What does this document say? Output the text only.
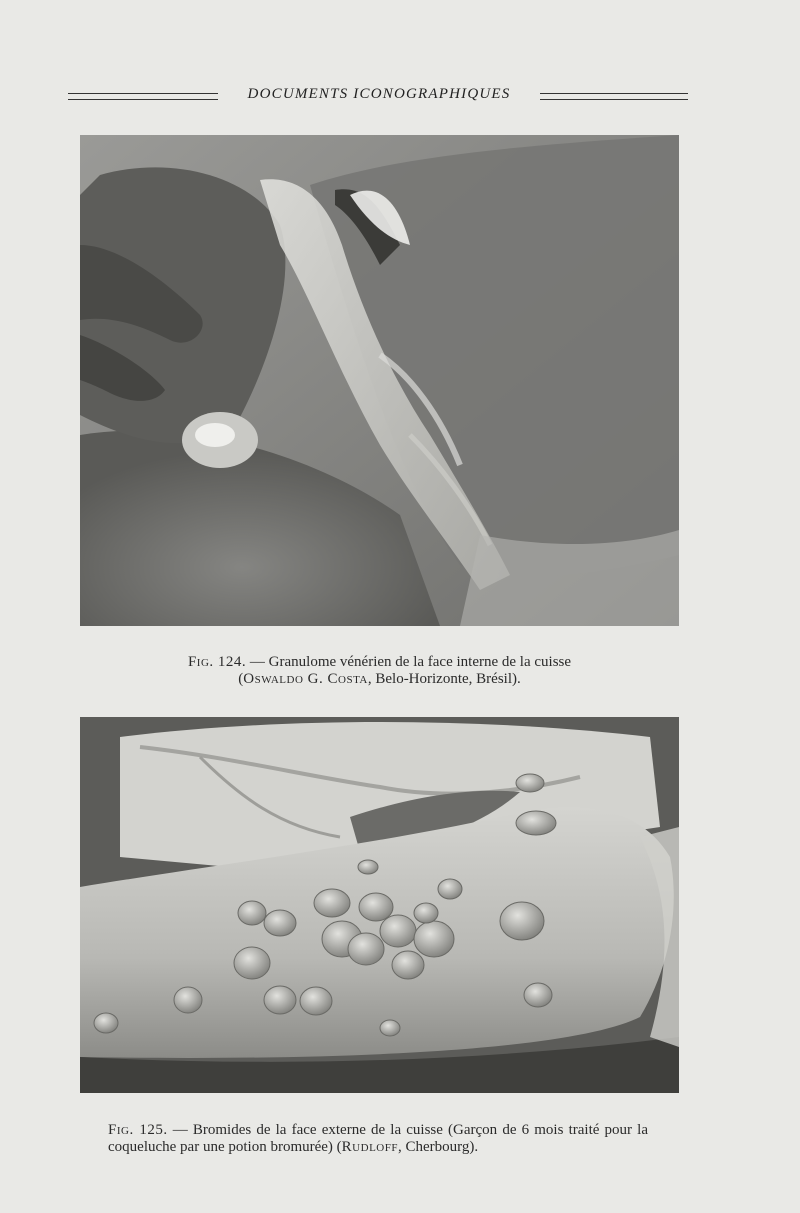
DOCUMENTS ICONOGRAPHIQUES
Fig. 124. — Granulome vénérien de la face interne de la cuisse
(Oswaldo G. Costa, Belo-Horizonte, Brésil).
Fig. 125. — Bromides de la face externe de la cuisse (Garçon de 6 mois traité pour la coqueluche par une potion bromurée) (Rudloff, Cherbourg).
